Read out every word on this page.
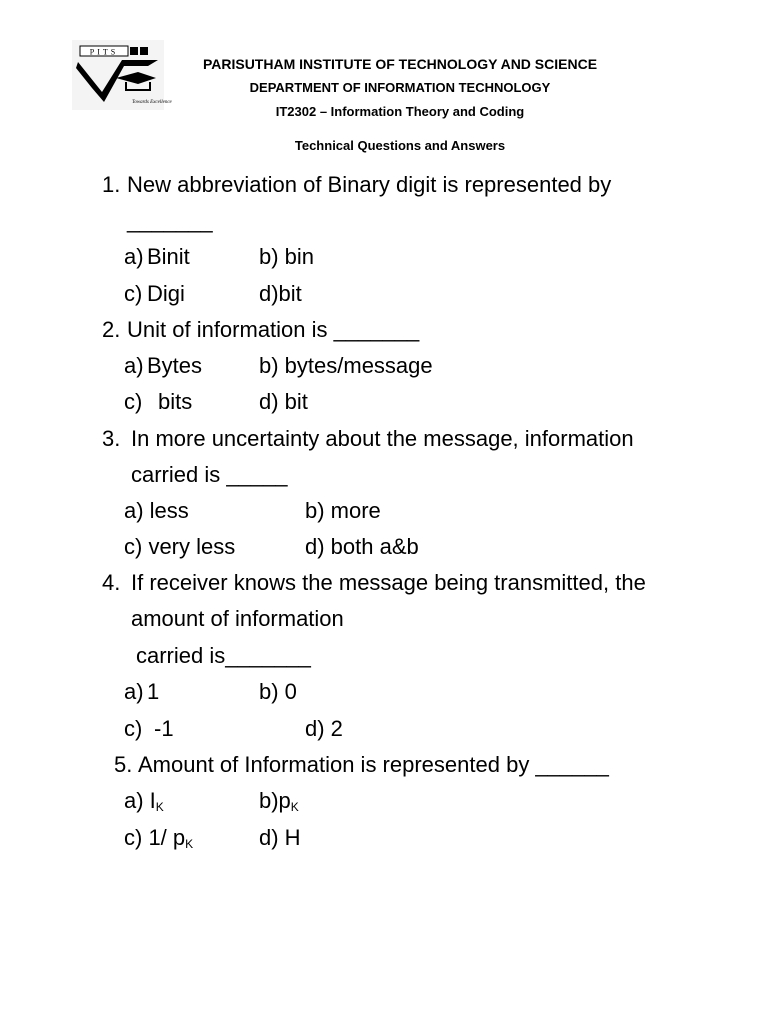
PITS
Towards Excellence
PARISUTHAM INSTITUTE OF TECHNOLOGY AND SCIENCE
DEPARTMENT OF INFORMATION TECHNOLOGY
IT2302 – Information Theory and Coding
Technical Questions and Answers
1. New abbreviation of Binary digit is represented by
_______
a) Binit	b) bin
c) Digi	d)bit
2. Unit of information is _______
a) Bytes	b) bytes/message
c) bits	d) bit
3. In more uncertainty about the message, information
carried is _____
a) less	b) more
c) very less	d) both a&b
4. If receiver knows the message being transmitted, the
amount of information
carried is_______
a) 1	b) 0
c) -1	d) 2
5. Amount of Information is represented by ______
a) $I_K$	$b)p_K$
c) 1/ $p_K$	d) H
